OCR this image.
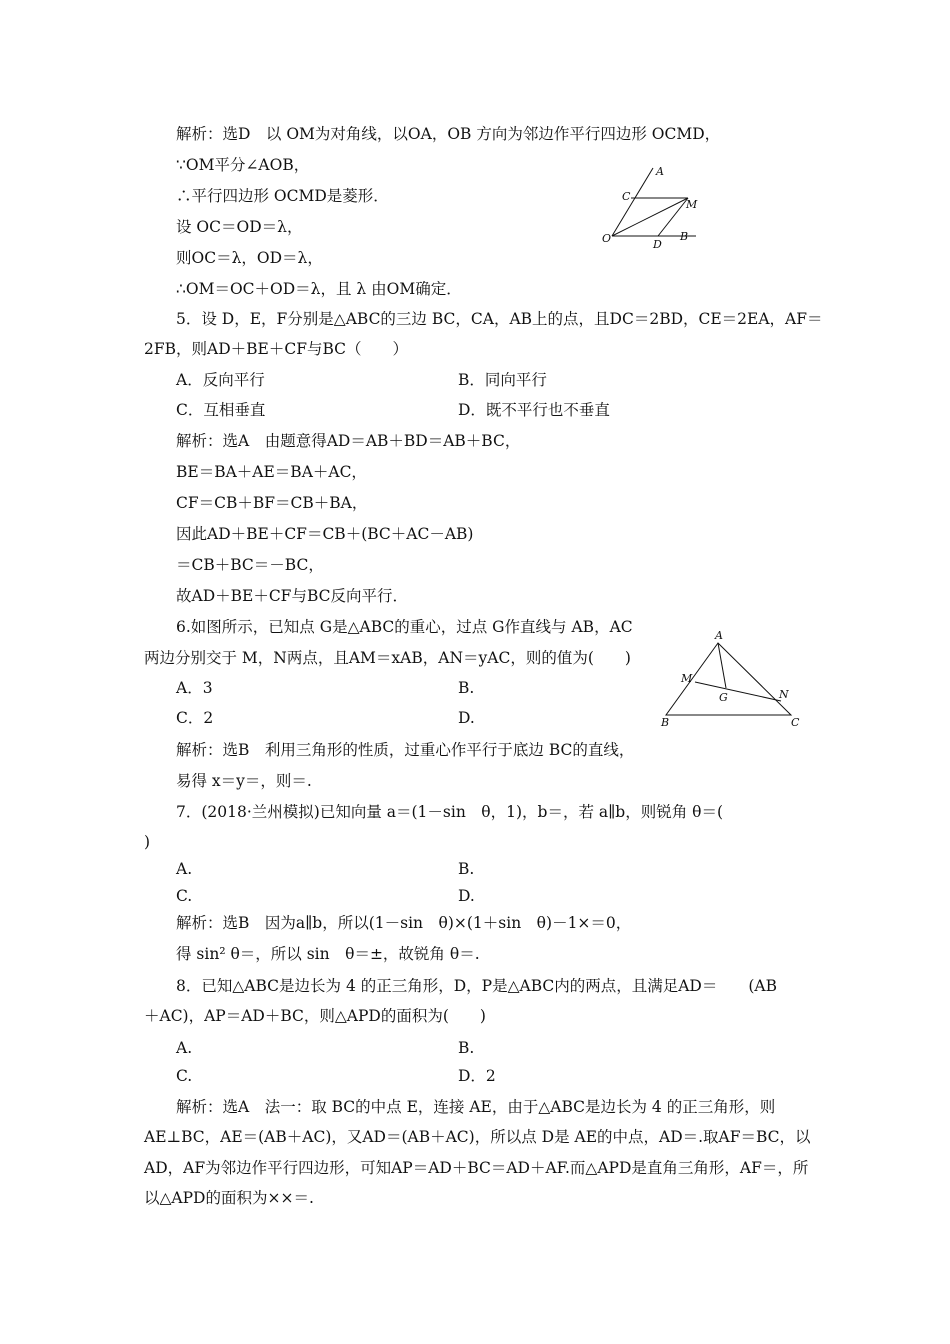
解析：选D　以 OM为对角线，以OA，OB 方向为邻边作平行四边形 OCMD，
∵OM平分∠AOB，
∴平行四边形 OCMD是菱形．
设 OC＝OD＝λ，
则OC＝λ，OD＝λ，
∴OM＝OC＋OD＝λ，且 λ 由OM确定．
A
C
M
O	D
B
5．设 D，E，F分别是△ABC的三边 BC，CA，AB上的点，且DC＝2BD，CE＝2EA，AF＝
2FB，则AD＋BE＋CF与BC（　　）
A．反向平行	B．同向平行
C．互相垂直	D．既不平行也不垂直
解析：选A　由题意得AD＝AB＋BD＝AB＋BC，
BE＝BA＋AE＝BA＋AC，
CF＝CB＋BF＝CB＋BA，
因此AD＋BE＋CF＝CB＋(BC＋AC－AB)
＝CB＋BC＝－BC，
故AD＋BE＋CF与BC反向平行．
6.如图所示，已知点 G是△ABC的重心，过点 G作直线与 AB，AC
两边分别交于 M，N两点，且AM＝xAB，AN＝yAC，则的值为(　　)
A．3	B.
C．2	D.
A
M
G	N
B	C
解析：选B　利用三角形的性质，过重心作平行于底边 BC的直线，
易得 x＝y＝，则＝.
7．(2018·兰州模拟)已知向量 a＝(1－sin　θ，1)，b＝，若 a∥b，则锐角 θ＝(
)
A.	B.
C.	D.
解析：选B　因为a∥b，所以(1－sin　θ)×(1＋sin　θ)－1×＝0，
得 sin² θ＝，所以 sin　θ＝±，故锐角 θ＝.
8．已知△ABC是边长为 4 的正三角形，D，P是△ABC内的两点，且满足AD＝　　(AB
＋AC)，AP＝AD＋BC，则△APD的面积为(　　)
A.	B.
C.	D．2
解析：选A　法一：取 BC的中点 E，连接 AE，由于△ABC是边长为 4 的正三角形，则
AE⊥BC，AE＝(AB＋AC)，又AD＝(AB＋AC)，所以点 D是 AE的中点，AD＝.取AF＝BC，以
AD，AF为邻边作平行四边形，可知AP＝AD＋BC＝AD＋AF.而△APD是直角三角形，AF＝，所
以△APD的面积为××＝.
